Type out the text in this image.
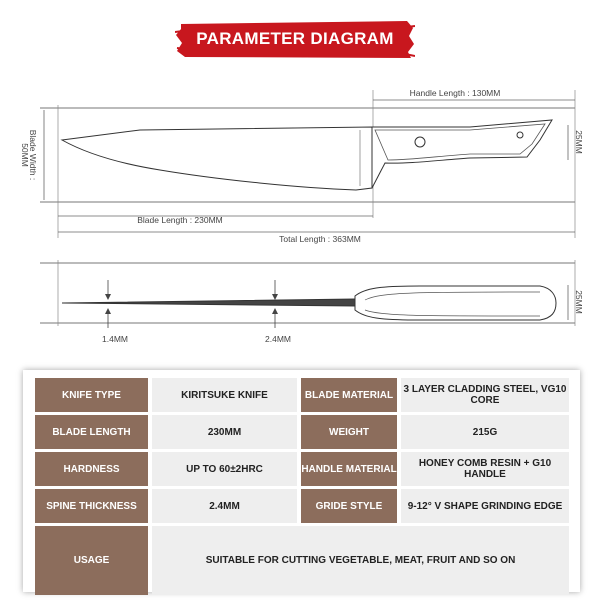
PARAMETER DIAGRAM
Handle Length : 130MM
Blade Width :
50MM
25MM
Blade Length : 230MM
Total Length : 363MM
1.4MM	2.4MM
25MM
KNIFE TYPE	KIRITSUKE KNIFE	BLADE MATERIAL	3 LAYER CLADDING STEEL, VG10 CORE
BLADE LENGTH	230MM	WEIGHT	215G
HARDNESS	UP TO 60±2HRC	HANDLE MATERIAL	HONEY COMB RESIN + G10 HANDLE
SPINE THICKNESS	2.4MM	GRIDE STYLE	9-12° V SHAPE GRINDING EDGE
USAGE	SUITABLE FOR CUTTING VEGETABLE, MEAT, FRUIT AND SO ON
